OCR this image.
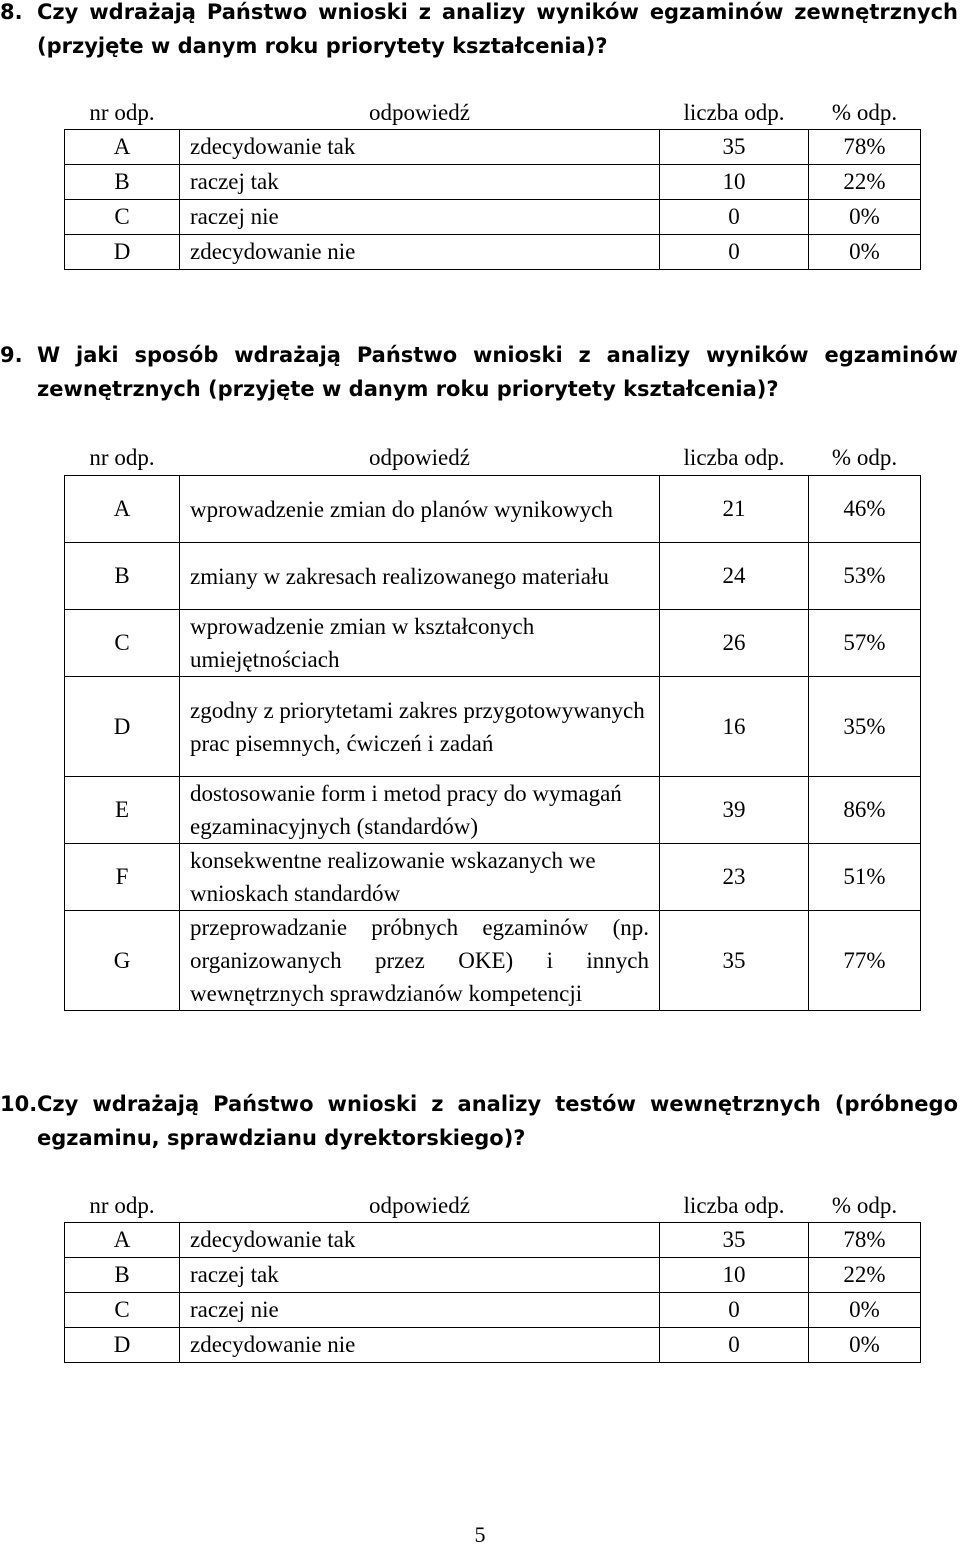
8. Czy wdrażają Państwo wnioski z analizy wyników egzaminów zewnętrznych (przyjęte w danym roku priorytety kształcenia)?
nr odp.	odpowiedź	liczba odp.	% odp.
A	zdecydowanie tak	35	78%
B	raczej tak	10	22%
C	raczej nie	0	0%
D	zdecydowanie nie	0	0%
9. W jaki sposób wdrażają Państwo wnioski z analizy wyników egzaminów zewnętrznych (przyjęte w danym roku priorytety kształcenia)?
nr odp.	odpowiedź	liczba odp.	% odp.
A	wprowadzenie zmian do planów wynikowych	21	46%
B	zmiany w zakresach realizowanego materiału	24	53%
C	wprowadzenie zmian w kształconych umiejętnościach	26	57%
D	zgodny z priorytetami zakres przygotowywanych prac pisemnych, ćwiczeń i zadań	16	35%
E	dostosowanie form i metod pracy do wymagań egzaminacyjnych (standardów)	39	86%
F	konsekwentne realizowanie wskazanych we wnioskach standardów	23	51%
G	przeprowadzanie próbnych egzaminów (np. organizowanych przez OKE) i innych wewnętrznych sprawdzianów kompetencji	35	77%
10. Czy wdrażają Państwo wnioski z analizy testów wewnętrznych (próbnego egzaminu, sprawdzianu dyrektorskiego)?
nr odp.	odpowiedź	liczba odp.	% odp.
A	zdecydowanie tak	35	78%
B	raczej tak	10	22%
C	raczej nie	0	0%
D	zdecydowanie nie	0	0%
5
